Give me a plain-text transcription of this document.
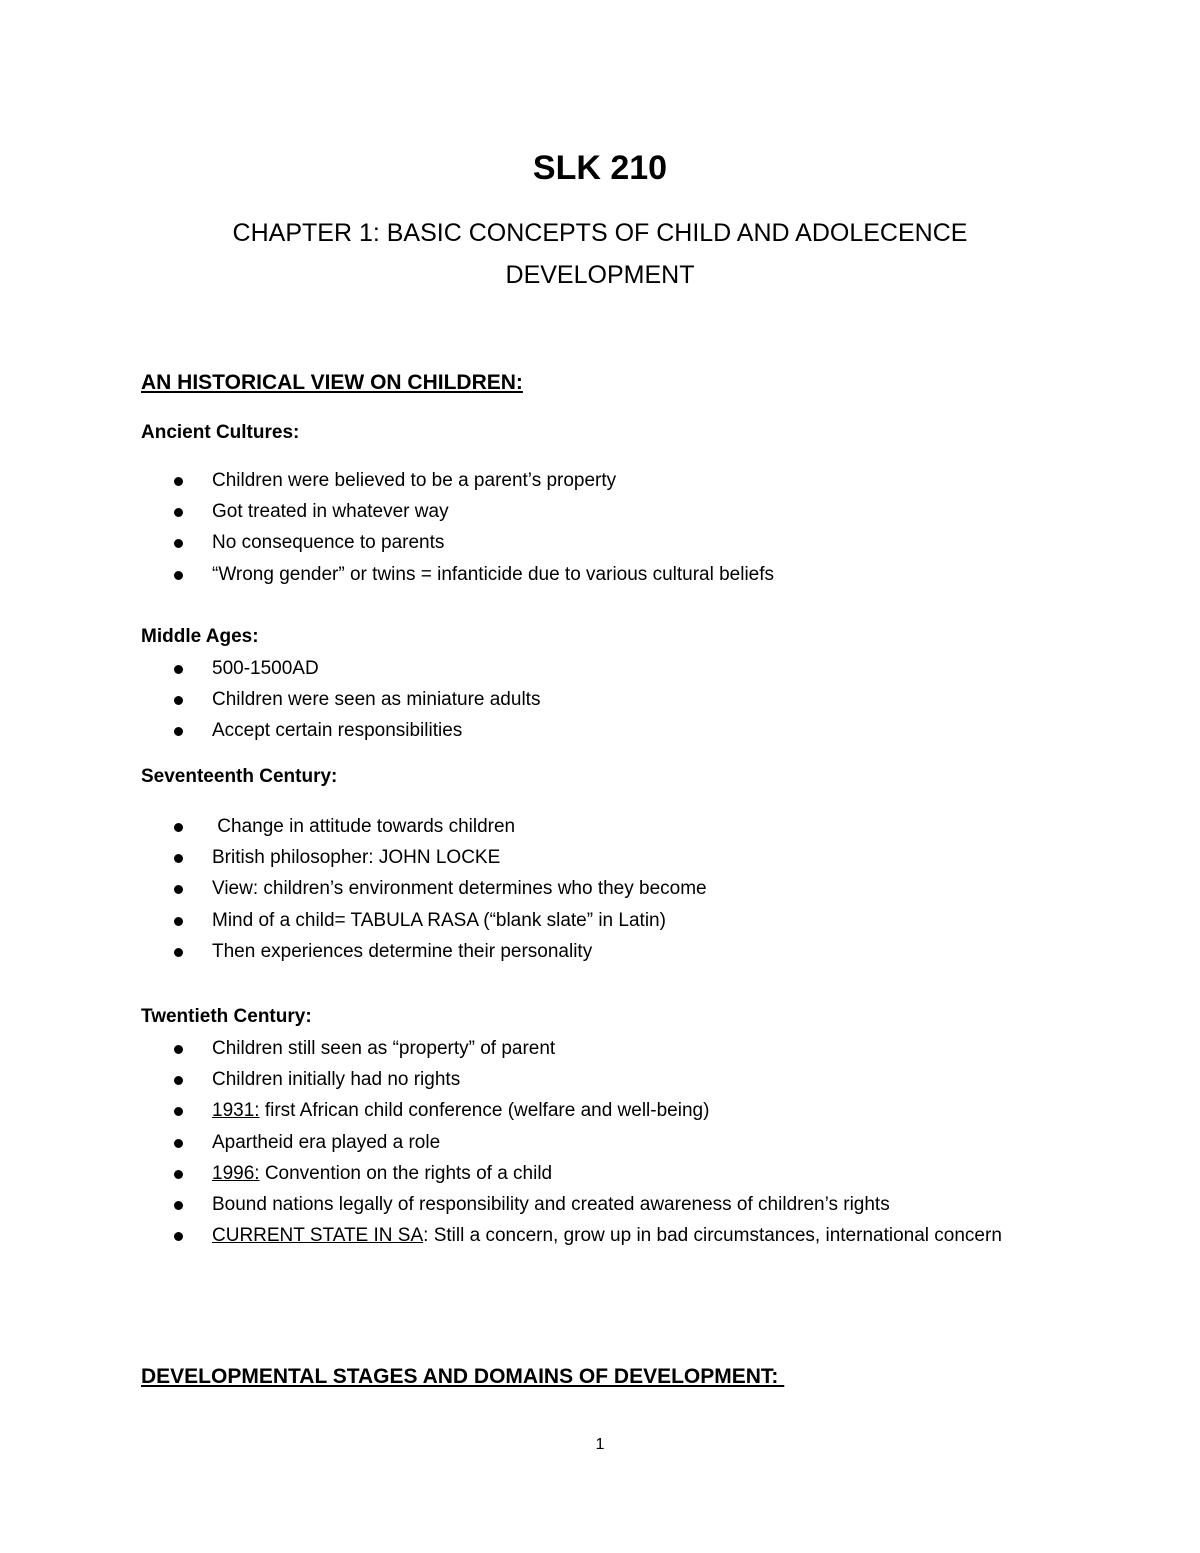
SLK 210
CHAPTER 1: BASIC CONCEPTS OF CHILD AND ADOLECENCE
DEVELOPMENT
AN HISTORICAL VIEW ON CHILDREN:
Ancient Cultures:
Children were believed to be a parent’s property
Got treated in whatever way
No consequence to parents
“Wrong gender” or twins = infanticide due to various cultural beliefs
Middle Ages:
500-1500AD
Children were seen as miniature adults
Accept certain responsibilities
Seventeenth Century:
Change in attitude towards children
British philosopher: JOHN LOCKE
View: children’s environment determines who they become
Mind of a child= TABULA RASA (“blank slate” in Latin)
Then experiences determine their personality
Twentieth Century:
Children still seen as “property” of parent
Children initially had no rights
1931: first African child conference (welfare and well-being)
Apartheid era played a role
1996: Convention on the rights of a child
Bound nations legally of responsibility and created awareness of children’s rights
CURRENT STATE IN SA: Still a concern, grow up in bad circumstances, international concern
DEVELOPMENTAL STAGES AND DOMAINS OF DEVELOPMENT:
1
